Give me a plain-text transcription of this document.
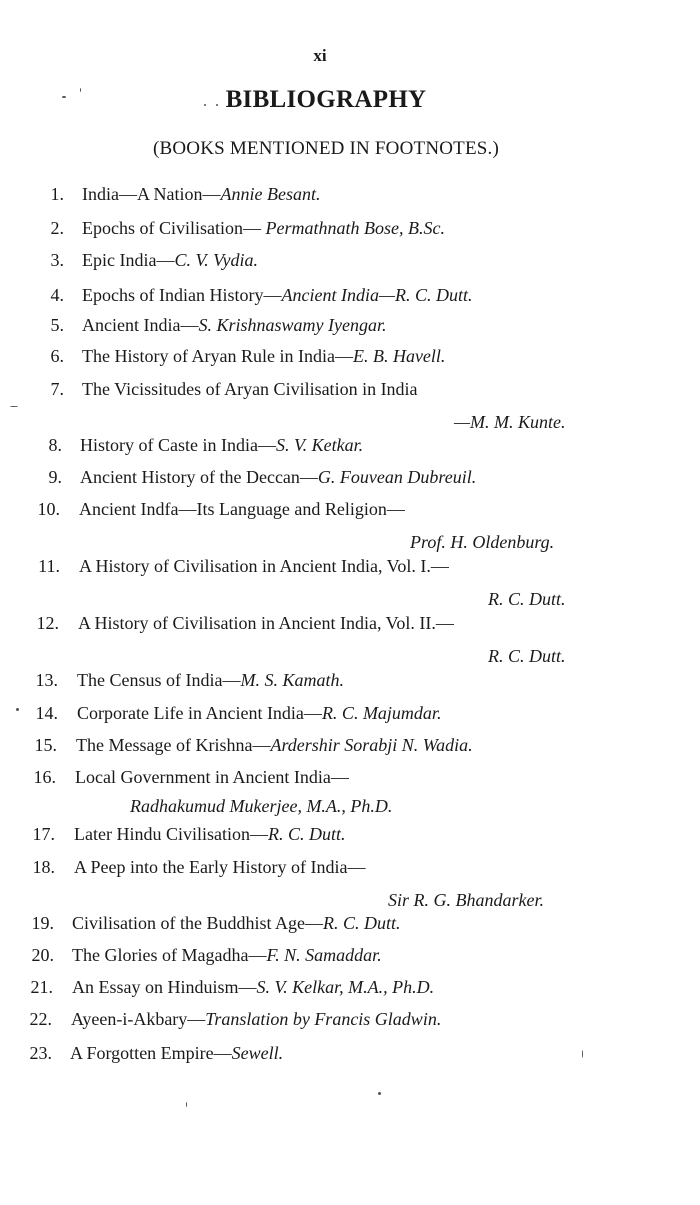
xi
BIBLIOGRAPHY
(BOOKS MENTIONED IN FOOTNOTES.)
1. India—A Nation—Annie Besant.
2. Epochs of Civilisation— Permathnath Bose, B.Sc.
3. Epic India—C. V. Vydia.
4. Epochs of Indian History—Ancient India—R. C. Dutt.
5. Ancient India—S. Krishnaswamy Iyengar.
6. The History of Aryan Rule in India—E. B. Havell.
7. The Vicissitudes of Aryan Civilisation in India
—M. M. Kunte.
8. History of Caste in India—S. V. Ketkar.
9. Ancient History of the Deccan—G. Fouvean Dubreuil.
10. Ancient Indfa—Its Language and Religion—
Prof. H. Oldenburg.
11. A History of Civilisation in Ancient India, Vol. I.—
R. C. Dutt.
12. A History of Civilisation in Ancient India, Vol. II.—
R. C. Dutt.
13. The Census of India—M. S. Kamath.
14. Corporate Life in Ancient India—R. C. Majumdar.
15. The Message of Krishna—Ardershir Sorabji N. Wadia.
16. Local Government in Ancient India—
Radhakumud Mukerjee, M.A., Ph.D.
17. Later Hindu Civilisation—R. C. Dutt.
18. A Peep into the Early History of India—
Sir R. G. Bhandarker.
19. Civilisation of the Buddhist Age—R. C. Dutt.
20. The Glories of Magadha—F. N. Samaddar.
21. An Essay on Hinduism—S. V. Kelkar, M.A., Ph.D.
22. Ayeen-i-Akbary—Translation by Francis Gladwin.
23. A Forgotten Empire—Sewell.
